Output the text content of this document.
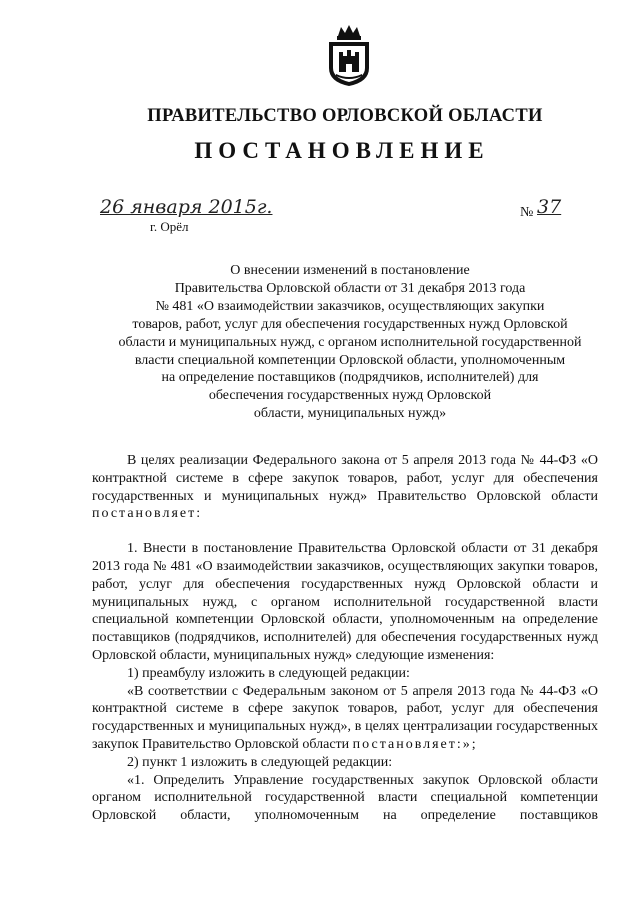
ПРАВИТЕЛЬСТВО ОРЛОВСКОЙ ОБЛАСТИ
ПОСТАНОВЛЕНИЕ
26 января 2015г.
г. Орёл
№ 37
О внесении изменений в постановление
Правительства Орловской области от 31 декабря 2013 года
№ 481 «О взаимодействии заказчиков, осуществляющих закупки
товаров, работ, услуг для обеспечения государственных нужд Орловской
области и муниципальных нужд, с органом исполнительной государственной
власти специальной компетенции Орловской области, уполномоченным
на определение поставщиков (подрядчиков, исполнителей) для
обеспечения государственных нужд Орловской
области, муниципальных нужд»

В целях реализации Федерального закона от 5 апреля 2013 года № 44-ФЗ «О контрактной системе в сфере закупок товаров, работ, услуг для обеспечения государственных и муниципальных нужд» Правительство Орловской области постановляет:

1. Внести в постановление Правительства Орловской области от 31 декабря 2013 года № 481 «О взаимодействии заказчиков, осуществляющих закупки товаров, работ, услуг для обеспечения государственных нужд Орловской области и муниципальных нужд, с органом исполнительной государственной власти специальной компетенции Орловской области, уполномоченным на определение поставщиков (подрядчиков, исполнителей) для обеспечения государственных нужд Орловской области, муниципальных нужд» следующие изменения:

1) преамбулу изложить в следующей редакции:

«В соответствии с Федеральным законом от 5 апреля 2013 года № 44-ФЗ «О контрактной системе в сфере закупок товаров, работ, услуг для обеспечения государственных и муниципальных нужд», в целях централизации государственных закупок Правительство Орловской области постановляет:»;

2) пункт 1 изложить в следующей редакции:

«1. Определить Управление государственных закупок Орловской области органом исполнительной государственной власти специальной компетенции Орловской области, уполномоченным на определение поставщиков
